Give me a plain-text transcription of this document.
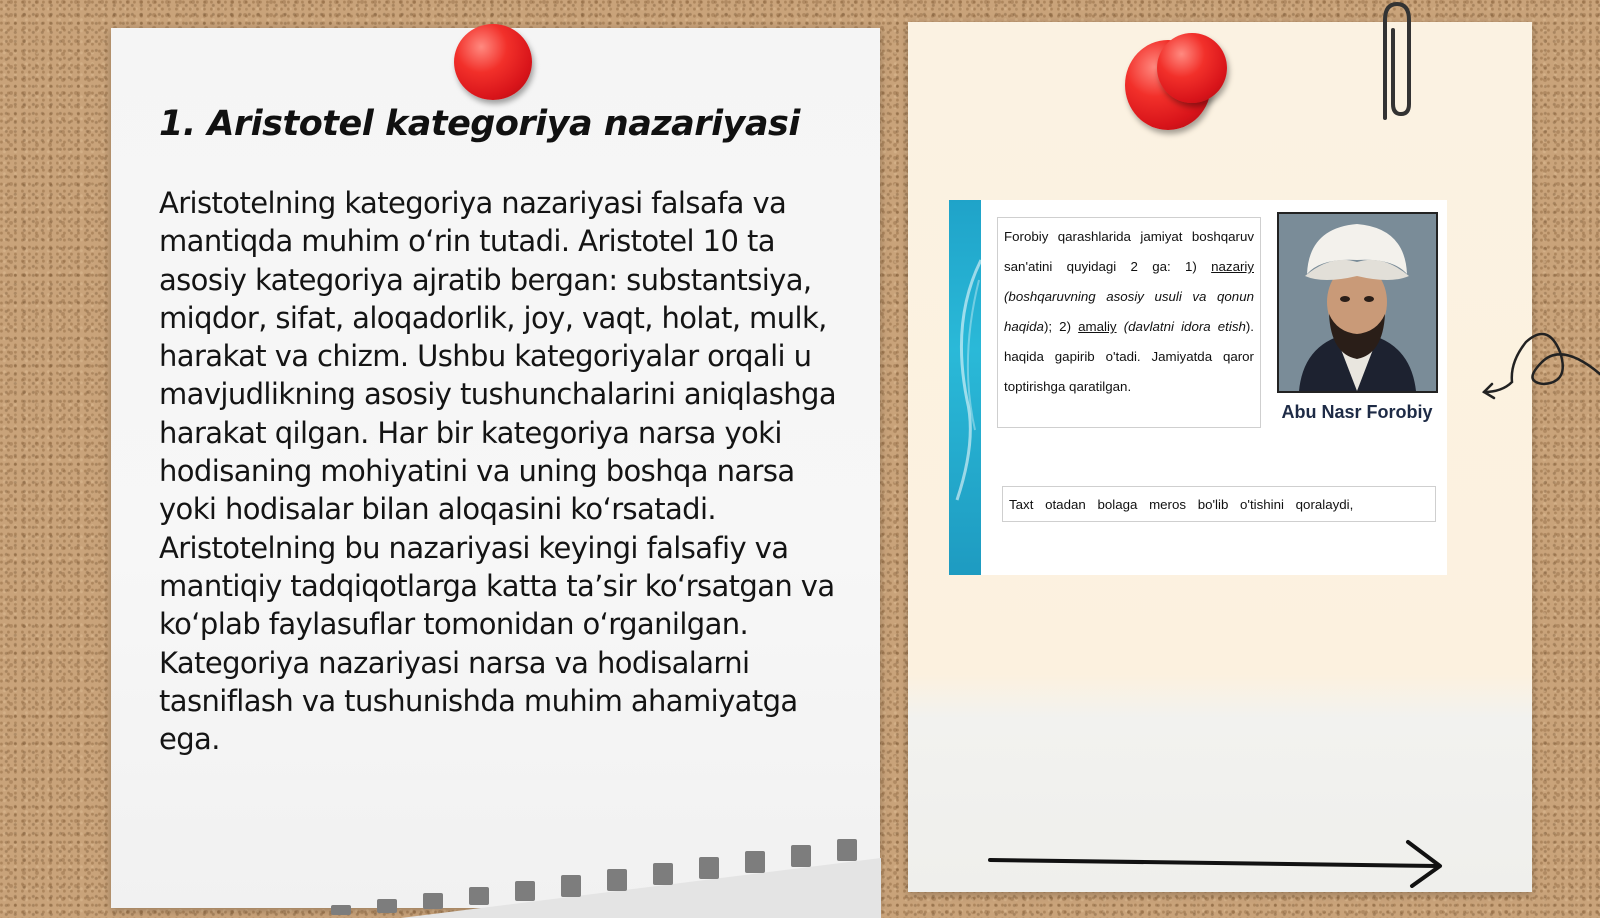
1. Aristotel kategoriya nazariyasi

Aristotelning kategoriya nazariyasi falsafa va mantiqda muhim oʻrin tutadi. Aristotel 10 ta asosiy kategoriya ajratib bergan: substantsiya, miqdor, sifat, aloqadorlik, joy, vaqt, holat, mulk, harakat va chizm. Ushbu kategoriyalar orqali u mavjudlikning asosiy tushunchalarini aniqlashga harakat qilgan. Har bir kategoriya narsa yoki hodisaning mohiyatini va uning boshqa narsa yoki hodisalar bilan aloqasini koʻrsatadi. Aristotelning bu nazariyasi keyingi falsafiy va mantiqiy tadqiqotlarga katta taʼsir koʻrsatgan va koʻplab faylasuflar tomonidan oʻrganilgan. Kategoriya nazariyasi narsa va hodisalarni tasniflash va tushunishda muhim ahamiyatga ega.

Forobiy qarashlarida jamiyat boshqaruv san'atini quyidagi 2 ga: 1) nazariy (boshqaruvning asosiy usuli va qonun haqida); 2) amaliy (davlatni idora etish). haqida gapirib o'tadi. Jamiyatda qaror toptirishga qaratilgan.
Abu Nasr Forobiy
Taxt otadan bolaga meros bo'lib o'tishini qoralaydi,
